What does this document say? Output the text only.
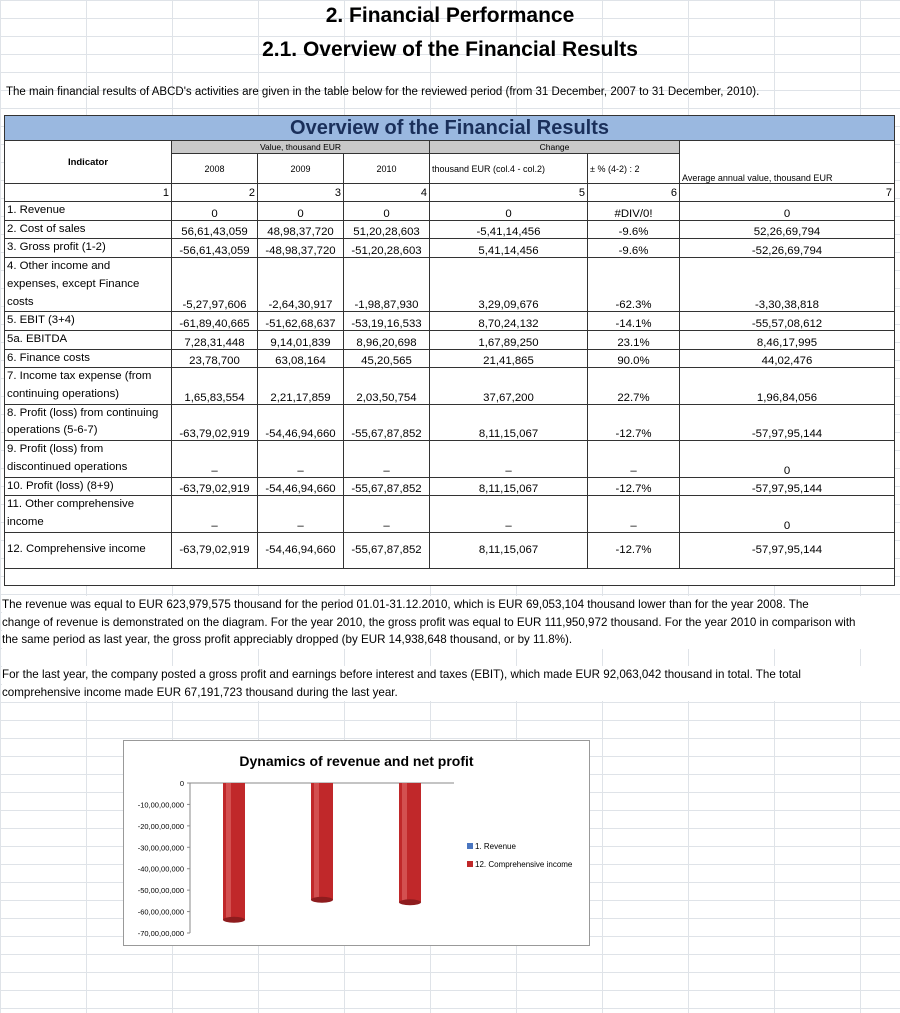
2. Financial Performance
2.1. Overview of the Financial Results
The main financial results of ABCD's activities are given in the table below for the reviewed period (from 31 December, 2007 to 31 December, 2010).
Overview of the Financial Results						
Indicator	Value, thousand EUR			Change		Average annual value, thousand EUR
	2008	2009	2010	thousand EUR (col.4 - col.2)	± % (4-2) : 2	
1	2	3	4	5	6	7

1. Revenue	0	0	0	0	#DIV/0!	0

2. Cost of sales	56,61,43,059	48,98,37,720	51,20,28,603	-5,41,14,456	-9.6%	52,26,69,794

3. Gross profit (1-2)	-56,61,43,059	-48,98,37,720	-51,20,28,603	5,41,14,456	-9.6%	-52,26,69,794

4. Other income and
expenses, except Finance
costs	-5,27,97,606	-2,64,30,917	-1,98,87,930	3,29,09,676	-62.3%	-3,30,38,818

5. EBIT (3+4)	-61,89,40,665	-51,62,68,637	-53,19,16,533	8,70,24,132	-14.1%	-55,57,08,612

5a. EBITDA	7,28,31,448	9,14,01,839	8,96,20,698	1,67,89,250	23.1%	8,46,17,995

6. Finance costs	23,78,700	63,08,164	45,20,565	21,41,865	90.0%	44,02,476

7. Income tax expense (from
continuing operations)	1,65,83,554	2,21,17,859	2,03,50,754	37,67,200	22.7%	1,96,84,056

8. Profit (loss) from continuing
operations (5-6-7)	-63,79,02,919	-54,46,94,660	-55,67,87,852	8,11,15,067	-12.7%	-57,97,95,144

9. Profit (loss) from
discontinued operations	–	–	–	–	–	0

10. Profit (loss) (8+9)	-63,79,02,919	-54,46,94,660	-55,67,87,852	8,11,15,067	-12.7%	-57,97,95,144

11. Other comprehensive
income	–	–	–	–	–	0

12. Comprehensive income	-63,79,02,919	-54,46,94,660	-55,67,87,852	8,11,15,067	-12.7%	-57,97,95,144

The revenue was equal to EUR 623,979,575 thousand for the period 01.01-31.12.2010, which is EUR 69,053,104 thousand lower than for the year 2008. The
change of revenue is demonstrated on the diagram. For the year 2010, the gross profit was equal to EUR 111,950,972 thousand. For the year 2010 in comparison with
the same period as last year, the gross profit appreciably dropped (by EUR 14,938,648 thousand, or by 11.8%).
For the last year, the company posted a gross profit and earnings before interest and taxes (EBIT), which made EUR 92,063,042 thousand in total. The total
comprehensive income made EUR 67,191,723 thousand during the last year.
Dynamics of revenue and net profit
0
-10,00,00,000
-20,00,00,000
-30,00,00,000
-40,00,00,000
-50,00,00,000
-60,00,00,000
-70,00,00,000
1. Revenue
12. Comprehensive income
